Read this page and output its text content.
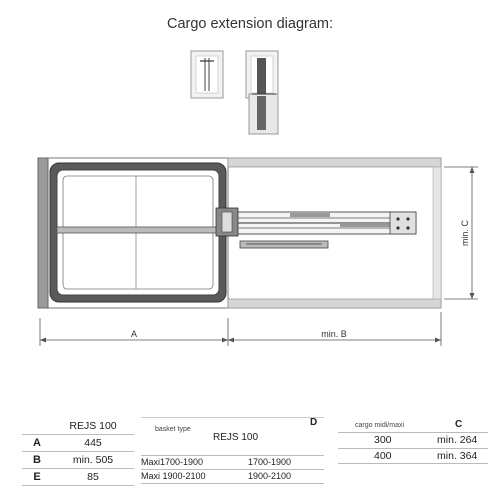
Cargo extension diagram:
A	min. B
min. C
	REJS 100
A	445
B	min. 505
E	85
basket type
D
REJS 100
Maxi1700-1900	1700-1900
Maxi 1900-2100	1900-2100
cargo midi/maxi	C
300	min. 264
400	min. 364
